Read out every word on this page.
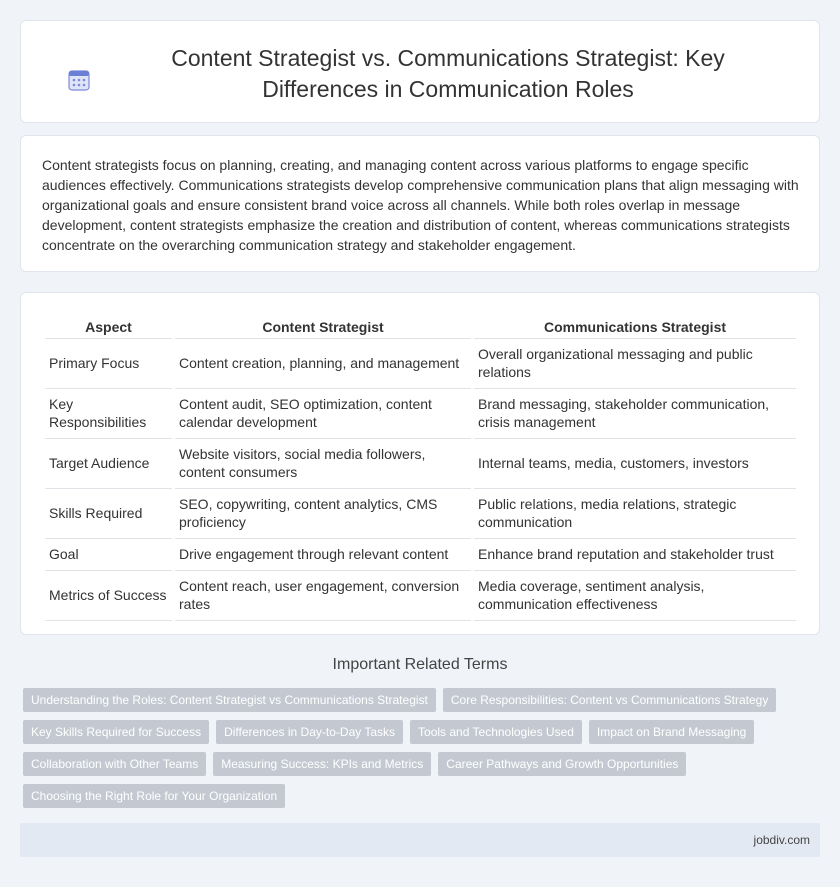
Content Strategist vs. Communications Strategist: Key Differences in Communication Roles

Content strategists focus on planning, creating, and managing content across various platforms to engage specific audiences effectively. Communications strategists develop comprehensive communication plans that align messaging with organizational goals and ensure consistent brand voice across all channels. While both roles overlap in message development, content strategists emphasize the creation and distribution of content, whereas communications strategists concentrate on the overarching communication strategy and stakeholder engagement.

Aspect	Content Strategist	Communications Strategist
Primary Focus	Content creation, planning, and management	Overall organizational messaging and public relations
Key Responsibilities	Content audit, SEO optimization, content calendar development	Brand messaging, stakeholder communication, crisis management
Target Audience	Website visitors, social media followers, content consumers	Internal teams, media, customers, investors
Skills Required	SEO, copywriting, content analytics, CMS proficiency	Public relations, media relations, strategic communication
Goal	Drive engagement through relevant content	Enhance brand reputation and stakeholder trust
Metrics of Success	Content reach, user engagement, conversion rates	Media coverage, sentiment analysis, communication effectiveness
Important Related Terms
Understanding the Roles: Content Strategist vs Communications Strategist	Core Responsibilities: Content vs Communications Strategy
Key Skills Required for Success	Differences in Day-to-Day Tasks	Tools and Technologies Used	Impact on Brand Messaging
Collaboration with Other Teams	Measuring Success: KPIs and Metrics	Career Pathways and Growth Opportunities
Choosing the Right Role for Your Organization
jobdiv.com
